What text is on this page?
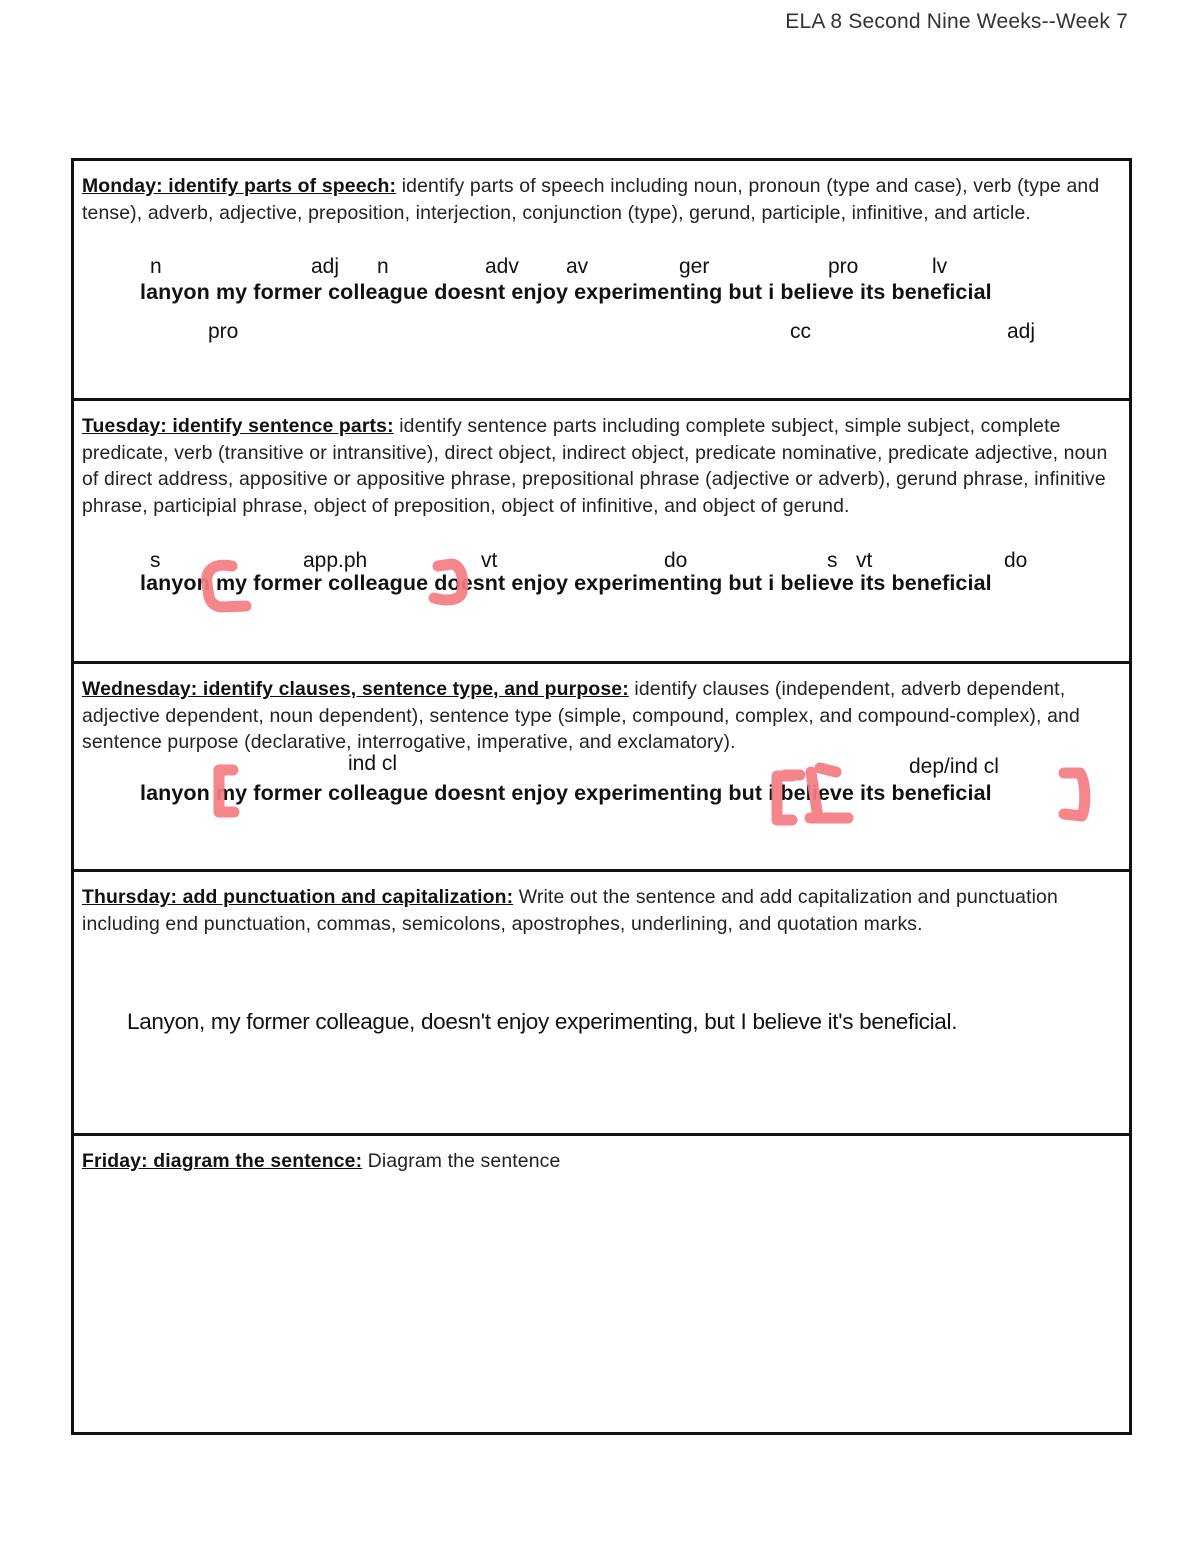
ELA 8 Second Nine Weeks--Week 7
Monday: identify parts of speech: identify parts of speech including noun, pronoun (type and case), verb (type and tense), adverb, adjective, preposition, interjection, conjunction (type), gerund, participle, infinitive, and article.
n	adj n	adv av	ger	pro	lv
lanyon my former colleague doesnt enjoy experimenting but i believe its beneficial
pro	cc	adj
Tuesday: identify sentence parts: identify sentence parts including complete subject, simple subject, complete predicate, verb (transitive or intransitive), direct object, indirect object, predicate nominative, predicate adjective, noun of direct address, appositive or appositive phrase, prepositional phrase (adjective or adverb), gerund phrase, infinitive phrase, participial phrase, object of preposition, object of infinitive, and object of gerund.
s	app.ph	vt	do	s vt	do
lanyon my former colleague doesnt enjoy experimenting but i believe its beneficial
Wednesday: identify clauses, sentence type, and purpose: identify clauses (independent, adverb dependent, adjective dependent, noun dependent), sentence type (simple, compound, complex, and compound-complex), and sentence purpose (declarative, interrogative, imperative, and exclamatory).
ind cl	dep/ind cl
lanyon my former colleague doesnt enjoy experimenting but i believe its beneficial
Thursday: add punctuation and capitalization: Write out the sentence and add capitalization and punctuation including end punctuation, commas, semicolons, apostrophes, underlining, and quotation marks.
Lanyon, my former colleague, doesn't enjoy experimenting, but I believe it's beneficial.
Friday: diagram the sentence: Diagram the sentence
